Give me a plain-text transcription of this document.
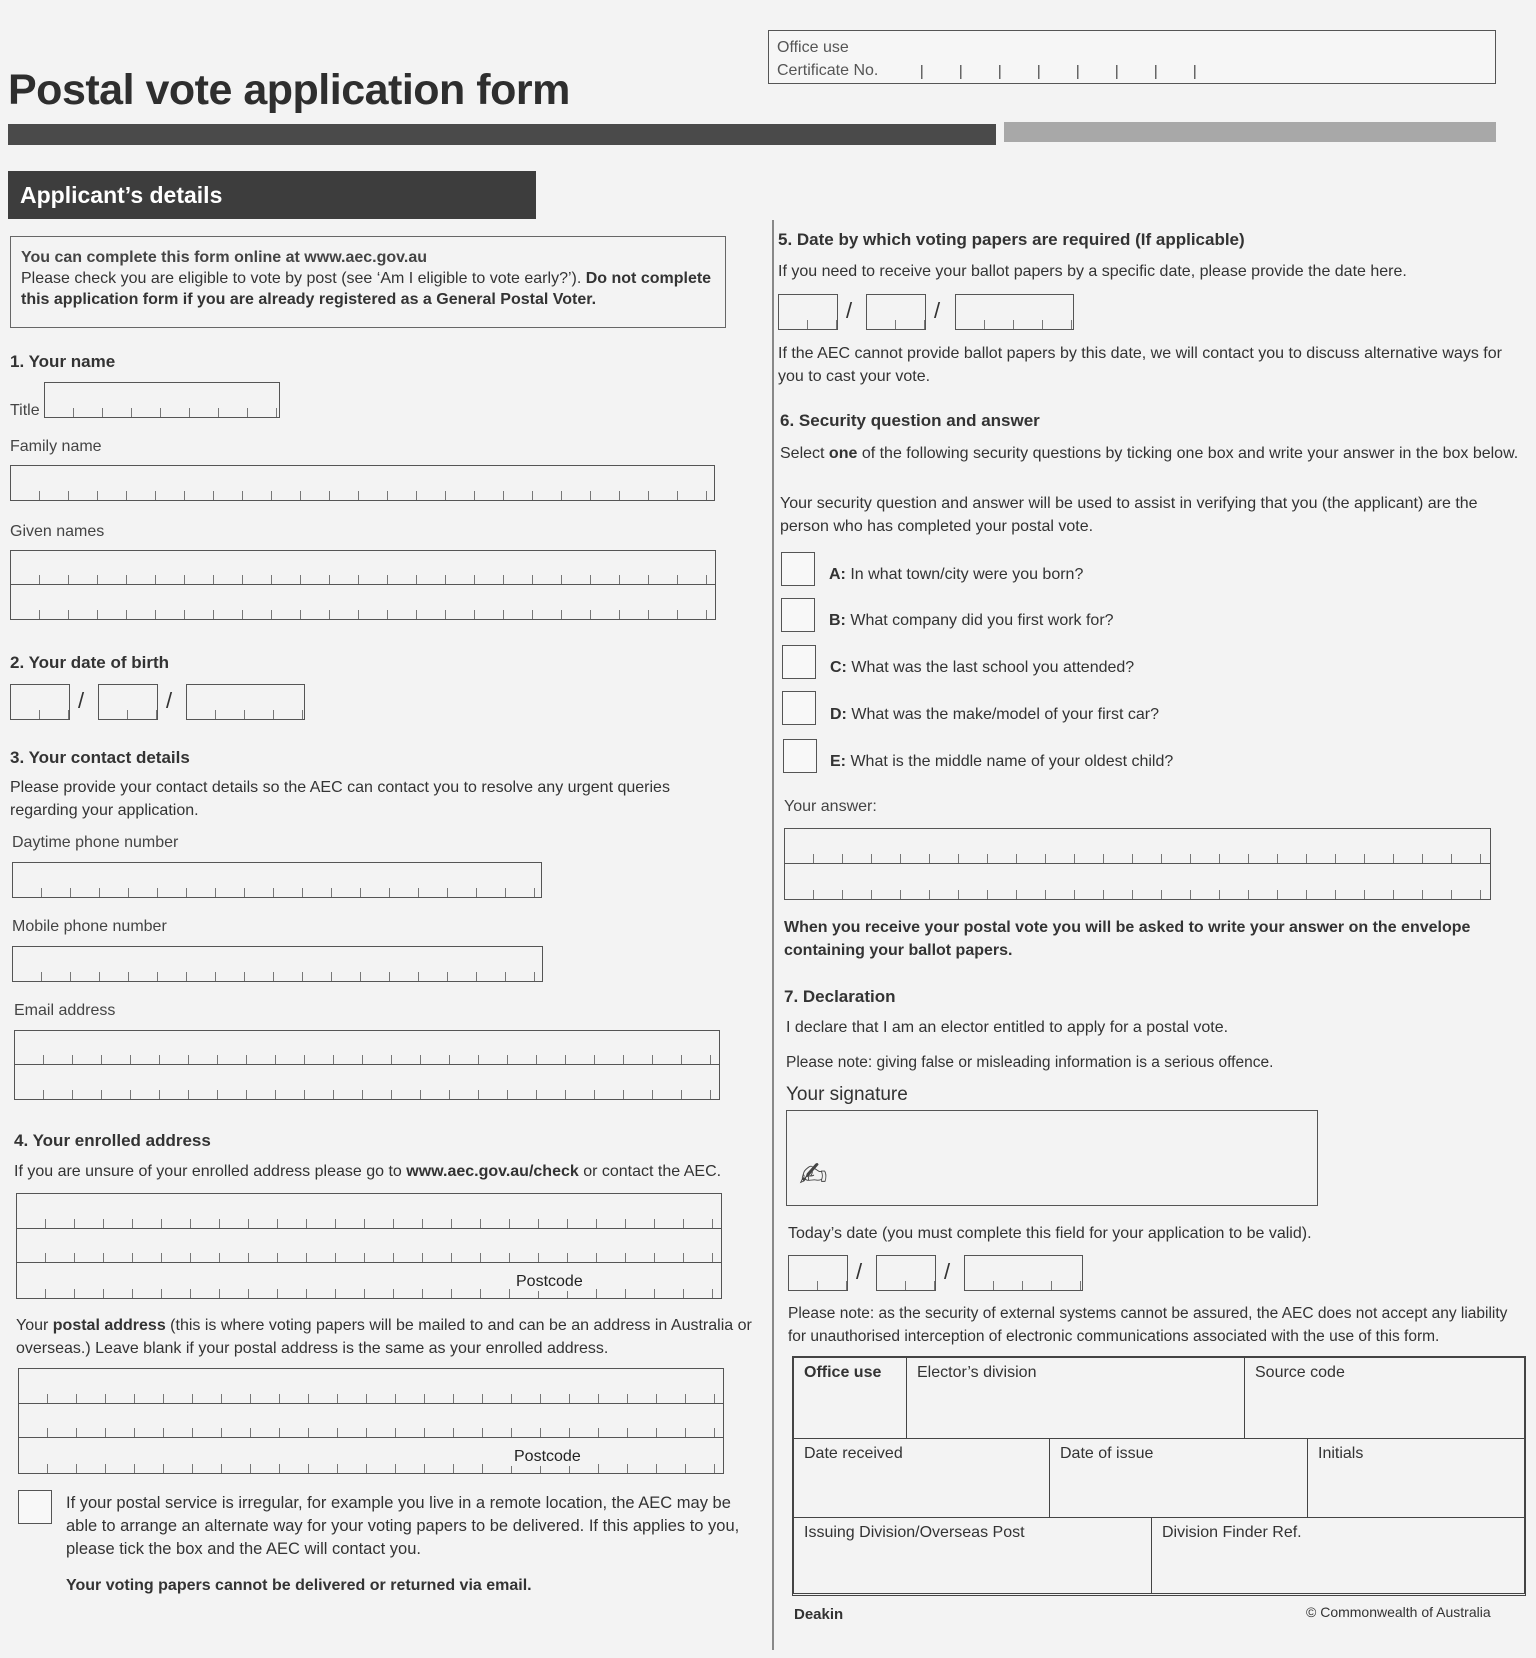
Postal vote application form
Office use
Certificate No.
Applicant’s details
You can complete this form online at www.aec.gov.au
Please check you are eligible to vote by post (see ‘Am I eligible to vote early?’). Do not complete this application form if you are already registered as a General Postal Voter.
1. Your name
Title
Family name
Given names
2. Your date of birth
/	/
3. Your contact details
Please provide your contact details so the AEC can contact you to resolve any urgent queries regarding your application.
Daytime phone number
Mobile phone number
Email address
4. Your enrolled address
If you are unsure of your enrolled address please go to www.aec.gov.au/check or contact the AEC.
Postcode
Your postal address (this is where voting papers will be mailed to and can be an address in Australia or overseas.) Leave blank if your postal address is the same as your enrolled address.
Postcode
If your postal service is irregular, for example you live in a remote location, the AEC may be able to arrange an alternate way for your voting papers to be delivered. If this applies to you, please tick the box and the AEC will contact you.
Your voting papers cannot be delivered or returned via email.
5. Date by which voting papers are required (If applicable)
If you need to receive your ballot papers by a specific date, please provide the date here.
/	/
If the AEC cannot provide ballot papers by this date, we will contact you to discuss alternative ways for you to cast your vote.
6. Security question and answer
Select one of the following security questions by ticking one box and write your answer in the box below.
Your security question and answer will be used to assist in verifying that you (the applicant) are the person who has completed your postal vote.
A: In what town/city were you born?
B: What company did you first work for?
C: What was the last school you attended?
D: What was the make/model of your first car?
E: What is the middle name of your oldest child?
Your answer:
When you receive your postal vote you will be asked to write your answer on the envelope containing your ballot papers.
7. Declaration
I declare that I am an elector entitled to apply for a postal vote.
Please note: giving false or misleading information is a serious offence.
Your signature
✍
Today’s date (you must complete this field for your application to be valid).
/	/
Please note: as the security of external systems cannot be assured, the AEC does not accept any liability for unauthorised interception of electronic communications associated with the use of this form.
Office use	Elector’s division	Source code
Date received	Date of issue	Initials
Issuing Division/Overseas Post	Division Finder Ref.
Deakin	© Commonwealth of Australia
